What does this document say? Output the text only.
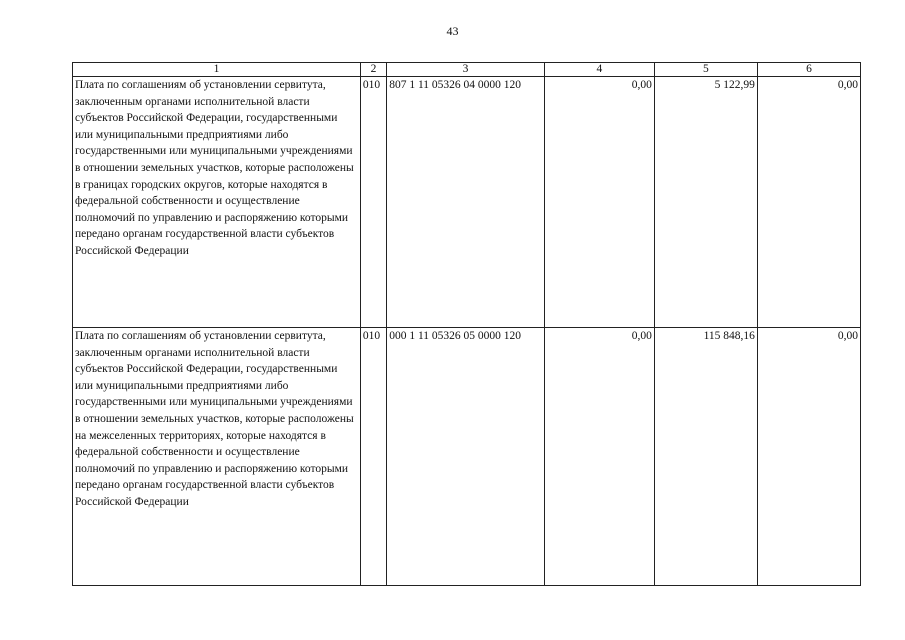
43
1	2	3	4	5	6
Плата по соглашениям об установлении сервитута, заключенным органами исполнительной власти субъектов Российской Федерации, государственными или муниципальными предприятиями либо государственными или муниципальными учреждениями в отношении земельных участков, которые расположены в границах городских округов, которые находятся в федеральной собственности и осуществление полномочий по управлению и распоряжению которыми передано органам государственной власти субъектов Российской Федерации	010	807 1 11 05326 04 0000 120	0,00	5 122,99	0,00
Плата по соглашениям об установлении сервитута, заключенным органами исполнительной власти субъектов Российской Федерации, государственными или муниципальными предприятиями либо государственными или муниципальными учреждениями в отношении земельных участков, которые расположены на межселенных территориях, которые находятся в федеральной собственности и осуществление полномочий по управлению и распоряжению которыми передано органам государственной власти субъектов Российской Федерации	010	000 1 11 05326 05 0000 120	0,00	115 848,16	0,00
